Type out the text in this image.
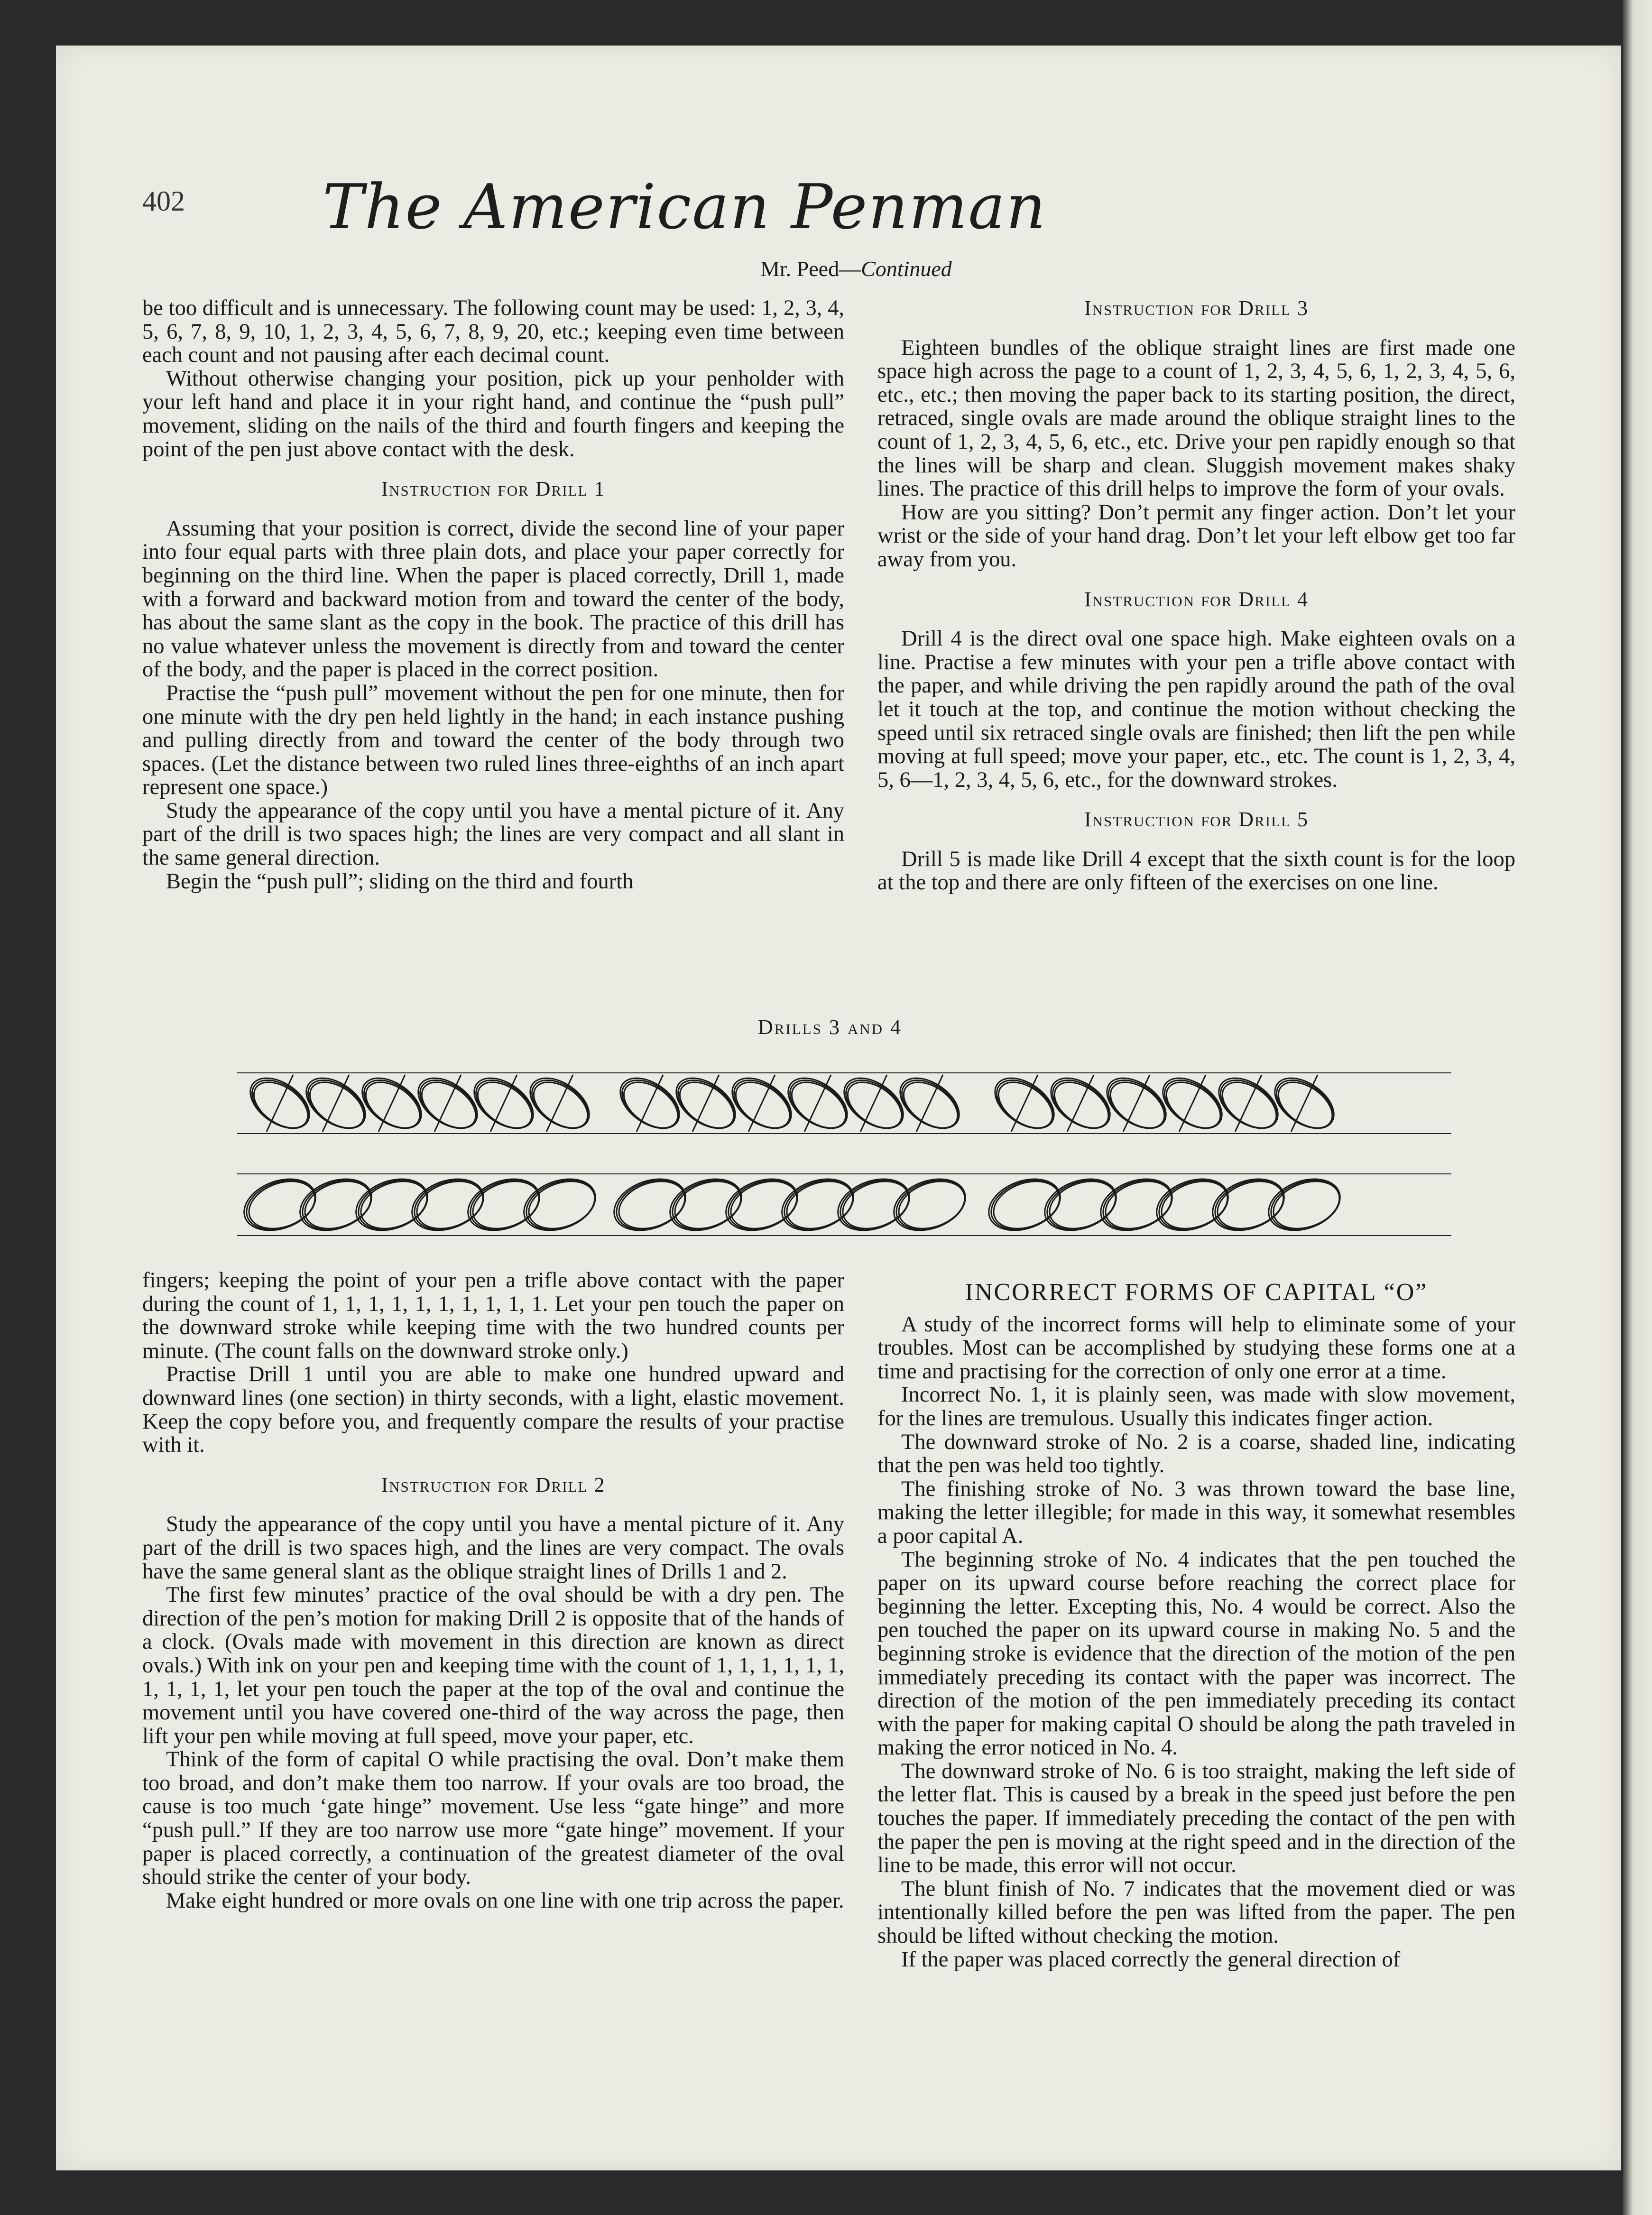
402 The American Penman
Mr. Peed—Continued

be too difficult and is unnecessary. The following count may be used: 1, 2, 3, 4, 5, 6, 7, 8, 9, 10, 1, 2, 3, 4, 5, 6, 7, 8, 9, 20, etc.; keeping even time between each count and not pausing after each decimal count.

Without otherwise changing your position, pick up your penholder with your left hand and place it in your right hand, and continue the “push pull” movement, sliding on the nails of the third and fourth fingers and keeping the point of the pen just above contact with the desk.

Instruction for Drill 1

Assuming that your position is correct, divide the second line of your paper into four equal parts with three plain dots, and place your paper correctly for beginning on the third line. When the paper is placed correctly, Drill 1, made with a forward and backward motion from and toward the center of the body, has about the same slant as the copy in the book. The practice of this drill has no value whatever unless the movement is directly from and toward the center of the body, and the paper is placed in the correct position.

Practise the “push pull” movement without the pen for one minute, then for one minute with the dry pen held lightly in the hand; in each instance pushing and pulling directly from and toward the center of the body through two spaces. (Let the distance between two ruled lines three-eighths of an inch apart represent one space.)

Study the appearance of the copy until you have a mental picture of it. Any part of the drill is two spaces high; the lines are very compact and all slant in the same general direction.

Begin the “push pull”; sliding on the third and fourth

Instruction for Drill 3

Eighteen bundles of the oblique straight lines are first made one space high across the page to a count of 1, 2, 3, 4, 5, 6, 1, 2, 3, 4, 5, 6, etc., etc.; then moving the paper back to its starting position, the direct, retraced, single ovals are made around the oblique straight lines to the count of 1, 2, 3, 4, 5, 6, etc., etc. Drive your pen rapidly enough so that the lines will be sharp and clean. Sluggish movement makes shaky lines. The practice of this drill helps to improve the form of your ovals.

How are you sitting? Don’t permit any finger action. Don’t let your wrist or the side of your hand drag. Don’t let your left elbow get too far away from you.

Instruction for Drill 4

Drill 4 is the direct oval one space high. Make eighteen ovals on a line. Practise a few minutes with your pen a trifle above contact with the paper, and while driving the pen rapidly around the path of the oval let it touch at the top, and continue the motion without checking the speed until six retraced single ovals are finished; then lift the pen while moving at full speed; move your paper, etc., etc. The count is 1, 2, 3, 4, 5, 6—1, 2, 3, 4, 5, 6, etc., for the downward strokes.

Instruction for Drill 5

Drill 5 is made like Drill 4 except that the sixth count is for the loop at the top and there are only fifteen of the exercises on one line.

Drills 3 and 4

fingers; keeping the point of your pen a trifle above contact with the paper during the count of 1, 1, 1, 1, 1, 1, 1, 1, 1, 1. Let your pen touch the paper on the downward stroke while keeping time with the two hundred counts per minute. (The count falls on the downward stroke only.)

Practise Drill 1 until you are able to make one hundred upward and downward lines (one section) in thirty seconds, with a light, elastic movement. Keep the copy before you, and frequently compare the results of your practise with it.

Instruction for Drill 2

Study the appearance of the copy until you have a mental picture of it. Any part of the drill is two spaces high, and the lines are very compact. The ovals have the same general slant as the oblique straight lines of Drills 1 and 2.

The first few minutes’ practice of the oval should be with a dry pen. The direction of the pen’s motion for making Drill 2 is opposite that of the hands of a clock. (Ovals made with movement in this direction are known as direct ovals.) With ink on your pen and keeping time with the count of 1, 1, 1, 1, 1, 1, 1, 1, 1, 1, let your pen touch the paper at the top of the oval and continue the movement until you have covered one-third of the way across the page, then lift your pen while moving at full speed, move your paper, etc.

Think of the form of capital O while practising the oval. Don’t make them too broad, and don’t make them too narrow. If your ovals are too broad, the cause is too much ‘gate hinge” movement. Use less “gate hinge” and more “push pull.” If they are too narrow use more “gate hinge” movement. If your paper is placed correctly, a continuation of the greatest diameter of the oval should strike the center of your body.

Make eight hundred or more ovals on one line with one trip across the paper.

INCORRECT FORMS OF CAPITAL “O”

A study of the incorrect forms will help to eliminate some of your troubles. Most can be accomplished by studying these forms one at a time and practising for the correction of only one error at a time.

Incorrect No. 1, it is plainly seen, was made with slow movement, for the lines are tremulous. Usually this indicates finger action.

The downward stroke of No. 2 is a coarse, shaded line, indicating that the pen was held too tightly.

The finishing stroke of No. 3 was thrown toward the base line, making the letter illegible; for made in this way, it somewhat resembles a poor capital A.

The beginning stroke of No. 4 indicates that the pen touched the paper on its upward course before reaching the correct place for beginning the letter. Excepting this, No. 4 would be correct. Also the pen touched the paper on its upward course in making No. 5 and the beginning stroke is evidence that the direction of the motion of the pen immediately preceding its contact with the paper was incorrect. The direction of the motion of the pen immediately preceding its contact with the paper for making capital O should be along the path traveled in making the error noticed in No. 4.

The downward stroke of No. 6 is too straight, making the left side of the letter flat. This is caused by a break in the speed just before the pen touches the paper. If immediately preceding the contact of the pen with the paper the pen is moving at the right speed and in the direction of the line to be made, this error will not occur.

The blunt finish of No. 7 indicates that the movement died or was intentionally killed before the pen was lifted from the paper. The pen should be lifted without checking the motion.

If the paper was placed correctly the general direction of
